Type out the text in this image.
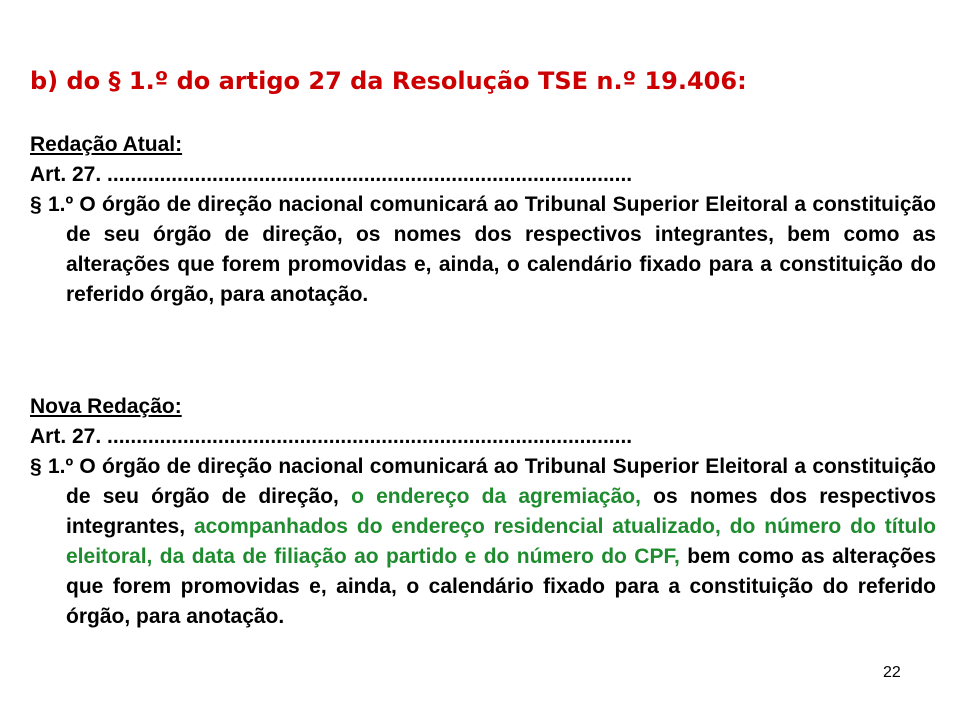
b) do § 1.º do artigo 27 da Resolução TSE n.º 19.406:
Redação Atual:
Art. 27. ..........................................................................................

§ 1.º O órgão de direção nacional comunicará ao Tribunal Superior Eleitoral a constituição de seu órgão de direção, os nomes dos respectivos integrantes, bem como as alterações que forem promovidas e, ainda, o calendário fixado para a constituição do referido órgão, para anotação.

Nova Redação:
Art. 27. ..........................................................................................

§ 1.º O órgão de direção nacional comunicará ao Tribunal Superior Eleitoral a constituição de seu órgão de direção, o endereço da agremiação, os nomes dos respectivos integrantes, acompanhados do endereço residencial atualizado, do número do título eleitoral, da data de filiação ao partido e do número do CPF, bem como as alterações que forem promovidas e, ainda, o calendário fixado para a constituição do referido órgão, para anotação.

22
